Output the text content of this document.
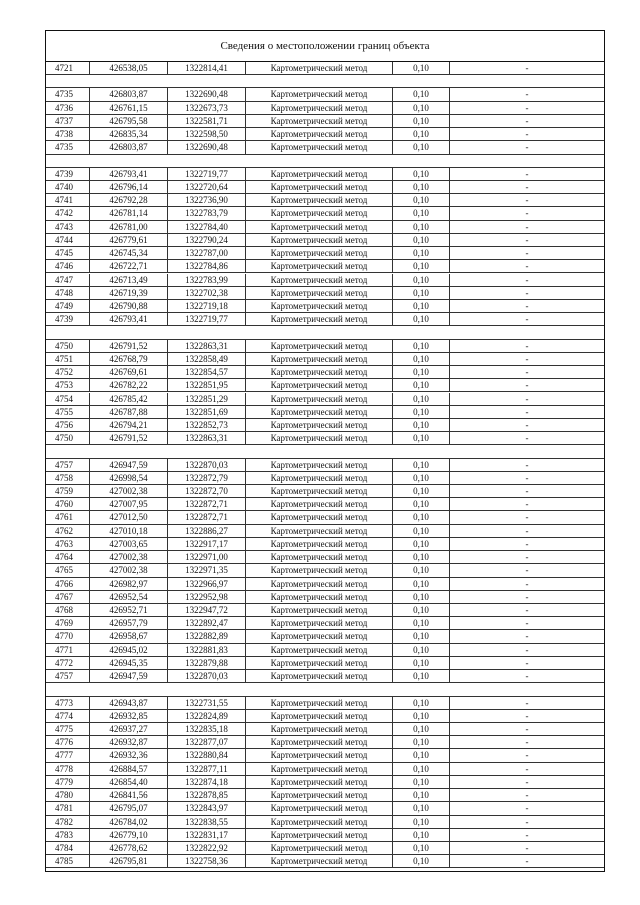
Сведения о местоположении границ объекта
4721	426538,05	1322814,41	Картометрический метод	0,10	-
4735	426803,87	1322690,48	Картометрический метод	0,10	-
4736	426761,15	1322673,73	Картометрический метод	0,10	-
4737	426795,58	1322581,71	Картометрический метод	0,10	-
4738	426835,34	1322598,50	Картометрический метод	0,10	-
4735	426803,87	1322690,48	Картометрический метод	0,10	-
4739	426793,41	1322719,77	Картометрический метод	0,10	-
4740	426796,14	1322720,64	Картометрический метод	0,10	-
4741	426792,28	1322736,90	Картометрический метод	0,10	-
4742	426781,14	1322783,79	Картометрический метод	0,10	-
4743	426781,00	1322784,40	Картометрический метод	0,10	-
4744	426779,61	1322790,24	Картометрический метод	0,10	-
4745	426745,34	1322787,00	Картометрический метод	0,10	-
4746	426722,71	1322784,86	Картометрический метод	0,10	-
4747	426713,49	1322783,99	Картометрический метод	0,10	-
4748	426719,39	1322702,38	Картометрический метод	0,10	-
4749	426790,88	1322719,18	Картометрический метод	0,10	-
4739	426793,41	1322719,77	Картометрический метод	0,10	-
4750	426791,52	1322863,31	Картометрический метод	0,10	-
4751	426768,79	1322858,49	Картометрический метод	0,10	-
4752	426769,61	1322854,57	Картометрический метод	0,10	-
4753	426782,22	1322851,95	Картометрический метод	0,10	-
4754	426785,42	1322851,29	Картометрический метод	0,10	-
4755	426787,88	1322851,69	Картометрический метод	0,10	-
4756	426794,21	1322852,73	Картометрический метод	0,10	-
4750	426791,52	1322863,31	Картометрический метод	0,10	-
4757	426947,59	1322870,03	Картометрический метод	0,10	-
4758	426998,54	1322872,79	Картометрический метод	0,10	-
4759	427002,38	1322872,70	Картометрический метод	0,10	-
4760	427007,95	1322872,71	Картометрический метод	0,10	-
4761	427012,50	1322872,71	Картометрический метод	0,10	-
4762	427010,18	1322886,27	Картометрический метод	0,10	-
4763	427003,65	1322917,17	Картометрический метод	0,10	-
4764	427002,38	1322971,00	Картометрический метод	0,10	-
4765	427002,38	1322971,35	Картометрический метод	0,10	-
4766	426982,97	1322966,97	Картометрический метод	0,10	-
4767	426952,54	1322952,98	Картометрический метод	0,10	-
4768	426952,71	1322947,72	Картометрический метод	0,10	-
4769	426957,79	1322892,47	Картометрический метод	0,10	-
4770	426958,67	1322882,89	Картометрический метод	0,10	-
4771	426945,02	1322881,83	Картометрический метод	0,10	-
4772	426945,35	1322879,88	Картометрический метод	0,10	-
4757	426947,59	1322870,03	Картометрический метод	0,10	-
4773	426943,87	1322731,55	Картометрический метод	0,10	-
4774	426932,85	1322824,89	Картометрический метод	0,10	-
4775	426937,27	1322835,18	Картометрический метод	0,10	-
4776	426932,87	1322877,07	Картометрический метод	0,10	-
4777	426932,36	1322880,84	Картометрический метод	0,10	-
4778	426884,57	1322877,11	Картометрический метод	0,10	-
4779	426854,40	1322874,18	Картометрический метод	0,10	-
4780	426841,56	1322878,85	Картометрический метод	0,10	-
4781	426795,07	1322843,97	Картометрический метод	0,10	-
4782	426784,02	1322838,55	Картометрический метод	0,10	-
4783	426779,10	1322831,17	Картометрический метод	0,10	-
4784	426778,62	1322822,92	Картометрический метод	0,10	-
4785	426795,81	1322758,36	Картометрический метод	0,10	-
